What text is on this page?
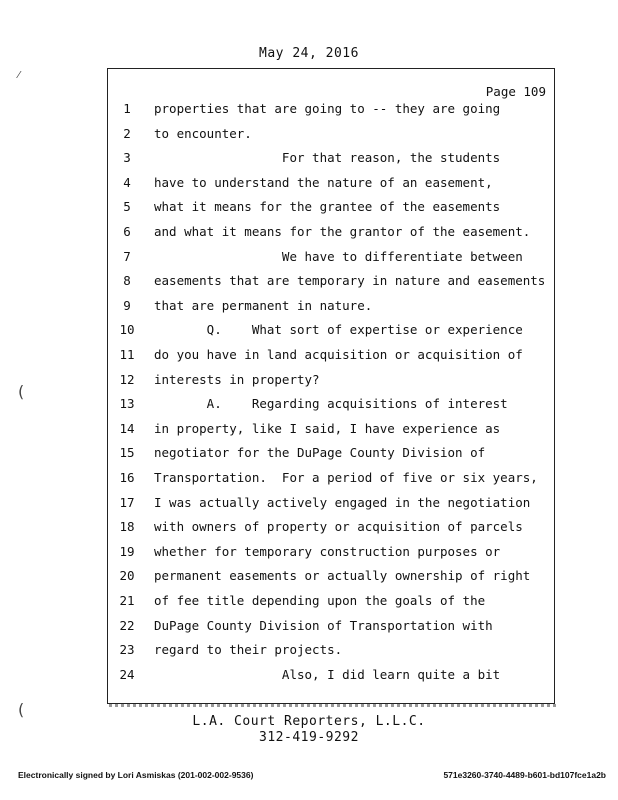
May 24, 2016
Page 109
1	properties that are going to -- they are going
2	to encounter.
3	For that reason, the students
4	have to understand the nature of an easement,
5	what it means for the grantee of the easements
6	and what it means for the grantor of the easement.
7	We have to differentiate between
8	easements that are temporary in nature and easements
9	that are permanent in nature.
10	Q.    What sort of expertise or experience
11	do you have in land acquisition or acquisition of
12	interests in property?
13	A.    Regarding acquisitions of interest
14	in property, like I said, I have experience as
15	negotiator for the DuPage County Division of
16	Transportation.  For a period of five or six years,
17	I was actually actively engaged in the negotiation
18	with owners of property or acquisition of parcels
19	whether for temporary construction purposes or
20	permanent easements or actually ownership of right
21	of fee title depending upon the goals of the
22	DuPage County Division of Transportation with
23	regard to their projects.
24	Also, I did learn quite a bit
L.A. Court Reporters, L.L.C.
312-419-9292
Electronically signed by Lori Asmiskas (201-002-002-9536)	571e3260-3740-4489-b601-bd107fce1a2b
⁄
(
(
